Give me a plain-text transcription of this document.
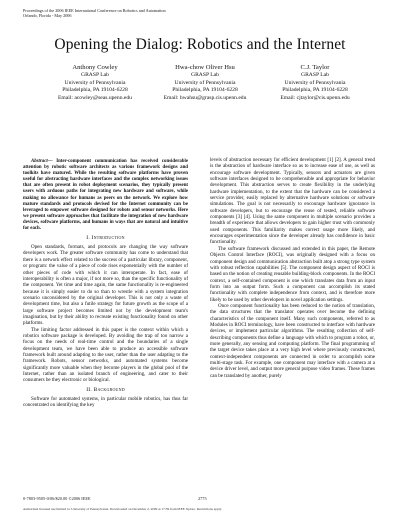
Proceedings of the 2006 IEEE International Conference on Robotics and Automation
Orlando, Florida - May 2006
Opening the Dialog: Robotics and the Internet
Anthony Cowley
GRASP Lab
University of Pennsylvania
Philadelphia, PA 19104-6228
Email: acowley@seas.upenn.edu
Hwa-chow Oliver Hsu
GRASP Lab
University of Pennsylvania
Philadelphia, PA 19104-6228
Email: hwahsu@grasp.cis.upenn.edu
C.J. Taylor
GRASP Lab
University of Pennsylvania
Philadelphia, PA 19104-6228
Email: cjtaylor@cis.upenn.edu

Abstract— Inter-component communication has received considerable attention by robotic software architects as various framework designs and toolkits have matured. While the resulting software platforms have proven useful for abstracting hardware interfaces and the complex networking issues that are often present in robot deployment scenarios, they typically present users with arduous paths for integrating new hardware and software, while making no allowance for humans as peers on the network. We explore how mature standards and protocols devised for the Internet community can be leveraged to empower software designed for robots and sensor networks. Here we present software approaches that facilitate the integration of new hardware devices, software platforms, and humans in ways that are natural and intuitive for each.

I. Introduction

Open standards, formats, and protocols are changing the way software developers work. The greater software community has come to understand that there is a network effect related to the success of a particular library, component, or program: the value of a piece of code rises exponentially with the number of other pieces of code with which it can interoperate. In fact, ease of interoperability is often a major, if not more so, than the specific functionality of the component. Yet time and time again, the same functionality is re-engineered because it is simply easier to do so than to wrestle with a system integration scenario unconsidered by the original developer. This is not only a waste of development time, but also a futile strategy for future growth as the scope of a large software project becomes limited not by the development team's imagination, but by their ability to recreate existing functionality found on other platforms.

The limiting factor addressed in this paper is the context within which a robotics software package is developed. By avoiding the trap of too narrow a focus on the needs of real-time control and the boundaries of a single development team, we have been able to produce an accessible software framework built around adapting to the user, rather than the user adapting to the framework. Robots, sensor networks, and automated systems become significantly more valuable when they become players in the global pool of the Internet, rather than an isolated branch of engineering, and cater to their consumers be they electronic or biological.

II. Background

Software for automated systems, in particular mobile robotics, has thus far concentrated on identifying the key

levels of abstraction necessary for efficient development [1] [2]. A general trend is the abstraction of hardware interface so as to increase ease of use, as well as encourage software development. Typically, sensors and actuators are given software interfaces designed to be comprehensible and appropriate for behavior development. This abstraction serves to create flexibility in the underlying hardware implementation, to the extent that the hardware can be considered a service provider, easily replaced by alternative hardware solutions or software simulations. The goal is not necessarily to encourage hardware ignorance in software developers, but to encourage the reuse of tested, reliable software components [3] [4]. Using the same component in multiple scenario provides a breadth of experience that allows developers to gain higher trust with commonly used components. This familiarity makes correct usage more likely, and encourages experimentation since the developer already has confidence in basic functionality.

The software framework discussed and extended in this paper, the Remote Objects Control Interface (ROCI), was originally designed with a focus on component design and communication abstraction built atop a strong type system with robust reflection capabilities [5]. The component design aspect of ROCI is based on the notion of creating reusable building-block components. In the ROCI context, a self-contained component is one which translates data from an input form into an output form. Such a component can accomplish its stated functionality with complete independence from context, and is therefore more likely to be used by other developers in novel application settings.

Once component functionality has been reduced to the notion of translation, the data structures that the translator operates over become the defining characteristics of the component itself. Many such components, referred to as Modules in ROCI terminology, have been constructed to interface with hardware devices, or implement particular algorithms. The resulting collection of self-describing components thus define a language with which to program a robot, or, more generally, any sensing and computing platform. The final programming of the target device takes place at a very high level where previously constructed, context-independent components are connected in order to accomplish some multi-stage task. For example, one component may interface with a camera at a device driver level, and output more general purpose video frames. These frames can be translated by another, purely

0-7803-9505-0/06/$20.00 ©2006 IEEE	2775
Authorized licensed use limited to: University of Pennsylvania. Downloaded on December 2, 2009 at 17:39 from IEEE Xplore. Restrictions apply.
